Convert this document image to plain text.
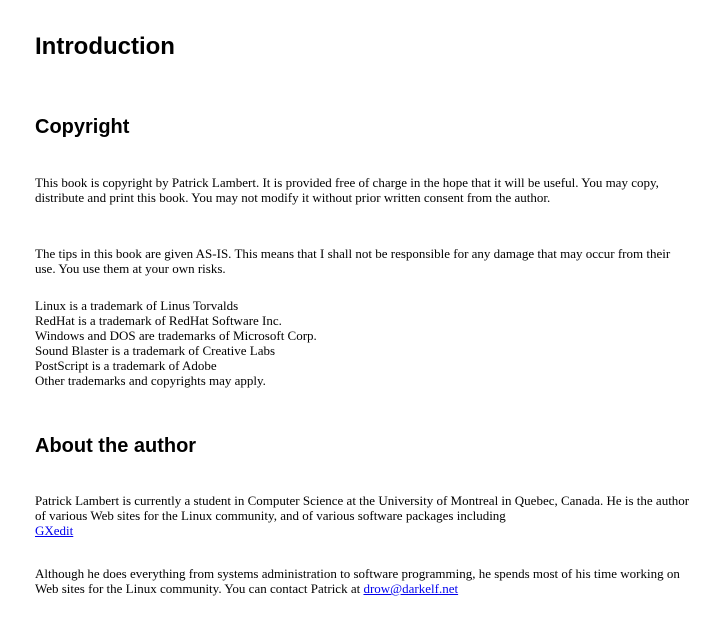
Introduction
Copyright

This book is copyright by Patrick Lambert. It is provided free of charge in the hope that it will be useful. You may copy, distribute and print this book. You may not modify it without prior written consent from the author.

The tips in this book are given AS-IS. This means that I shall not be responsible for any damage that may occur from their use. You use them at your own risks.

Linux is a trademark of Linus Torvalds
RedHat is a trademark of RedHat Software Inc.
Windows and DOS are trademarks of Microsoft Corp.
Sound Blaster is a trademark of Creative Labs
PostScript is a trademark of Adobe
Other trademarks and copyrights may apply.

About the author

Patrick Lambert is currently a student in Computer Science at the University of Montreal in Quebec, Canada. He is the author of various Web sites for the Linux community, and of various software packages including
GXedit

Although he does everything from systems administration to software programming, he spends most of his time working on Web sites for the Linux community. You can contact Patrick at drow@darkelf.net
